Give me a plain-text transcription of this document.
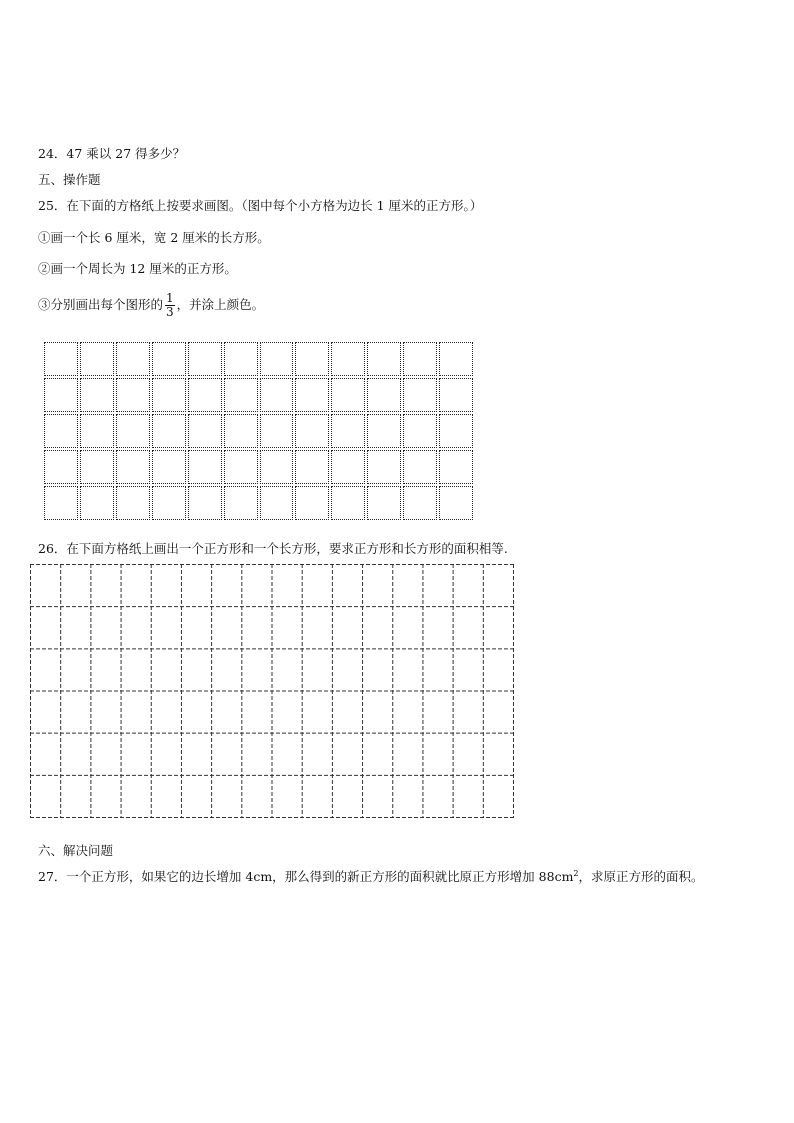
24．47 乘以 27 得多少？
五、操作题
25．在下面的方格纸上按要求画图。（图中每个小方格为边长 1 厘米的正方形。）
①画一个长 6 厘米，宽 2 厘米的长方形。
②画一个周长为 12 厘米的正方形。
③分别画出每个图形的 $\frac{1}{3}$ ，并涂上颜色。
26．在下面方格纸上画出一个正方形和一个长方形，要求正方形和长方形的面积相等.
六、解决问题
27．一个正方形，如果它的边长增加 4cm，那么得到的新正方形的面积就比原正方形增加 $88cm^2$，求原正方形的面积。
